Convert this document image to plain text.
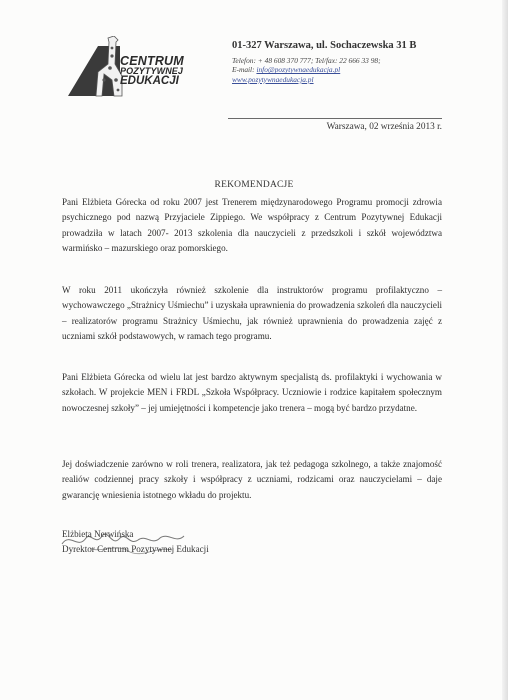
CENTRUM
POZYTYWNEJ
EDUKACJI
01-327 Warszawa, ul. Sochaczewska 31 B
Telefon: + 48 608 370 777; Tel/fax: 22 666 33 98;
E-mail: info@pozytywnaedukacja.pl
www.pozytywnaedukacja.pl
Warszawa, 02 września 2013 r.
REKOMENDACJE
Pani Elżbieta Górecka od roku 2007 jest Trenerem międzynarodowego Programu promocji zdrowia psychicznego pod nazwą Przyjaciele Zippiego. We współpracy z Centrum Pozytywnej Edukacji prowadziła w latach 2007- 2013 szkolenia dla nauczycieli z przedszkoli i szkół województwa warmińsko – mazurskiego oraz pomorskiego.
W roku 2011 ukończyła również szkolenie dla instruktorów programu profilaktyczno – wychowawczego „Strażnicy Uśmiechu” i uzyskała uprawnienia do prowadzenia szkoleń dla nauczycieli – realizatorów programu Strażnicy Uśmiechu, jak również uprawnienia do prowadzenia zajęć z uczniami szkół podstawowych, w ramach tego programu.
Pani Elżbieta Górecka od wielu lat jest bardzo aktywnym specjalistą ds. profilaktyki i wychowania w szkołach. W projekcie MEN i FRDL „Szkoła Współpracy. Uczniowie i rodzice kapitałem społecznym nowoczesnej szkoły” – jej umiejętności i kompetencje jako trenera – mogą być bardzo przydatne.
Jej doświadczenie zarówno w roli trenera, realizatora, jak też pedagoga szkolnego, a także znajomość realiów codziennej pracy szkoły i współpracy z uczniami, rodzicami oraz nauczycielami – daje gwarancję wniesienia istotnego wkładu do projektu.
Elżbieta Nerwińska
Dyrektor Centrum Pozytywnej Edukacji
